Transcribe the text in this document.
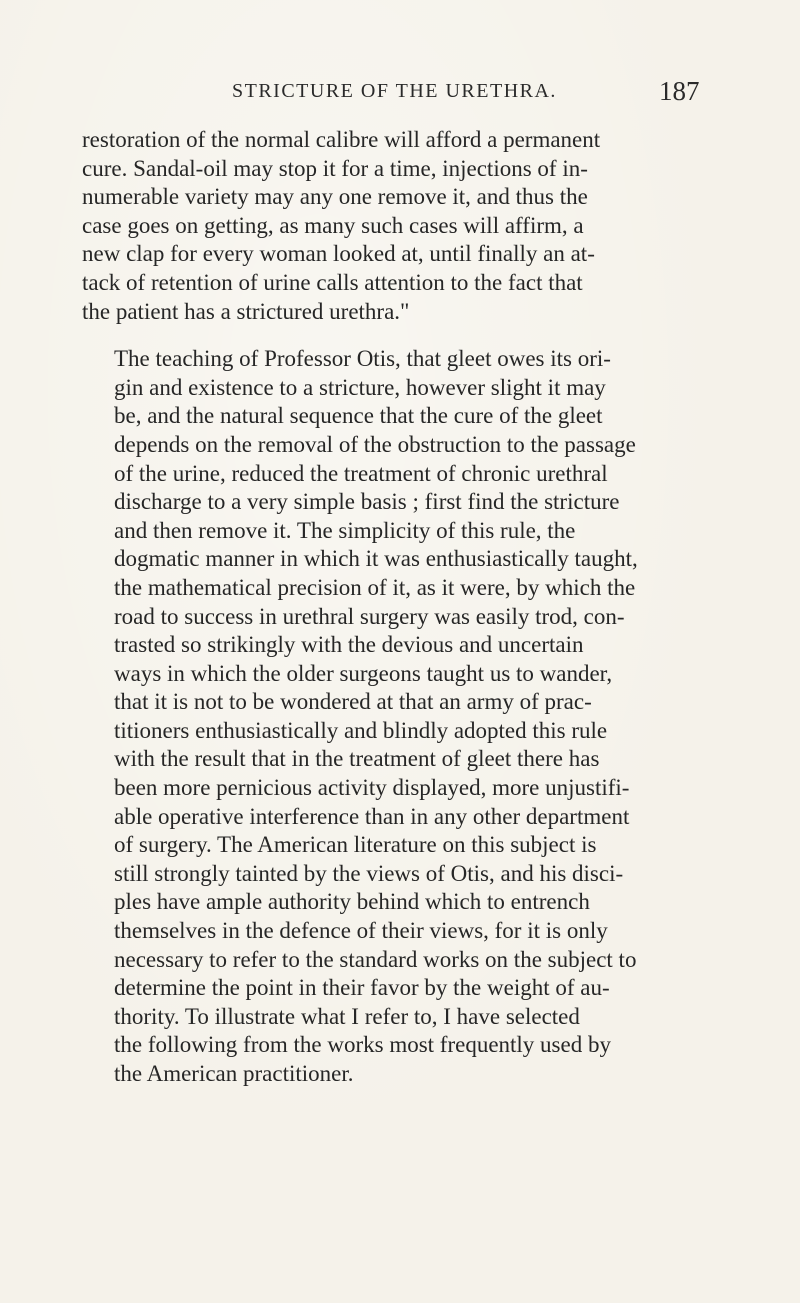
STRICTURE OF THE URETHRA.	187

restoration of the normal calibre will afford a permanent
cure. Sandal-oil may stop it for a time, injections of in-
numerable variety may any one remove it, and thus the
case goes on getting, as many such cases will affirm, a
new clap for every woman looked at, until finally an at-
tack of retention of urine calls attention to the fact that
the patient has a strictured urethra."

The teaching of Professor Otis, that gleet owes its ori-
gin and existence to a stricture, however slight it may
be, and the natural sequence that the cure of the gleet
depends on the removal of the obstruction to the passage
of the urine, reduced the treatment of chronic urethral
discharge to a very simple basis ; first find the stricture
and then remove it. The simplicity of this rule, the
dogmatic manner in which it was enthusiastically taught,
the mathematical precision of it, as it were, by which the
road to success in urethral surgery was easily trod, con-
trasted so strikingly with the devious and uncertain
ways in which the older surgeons taught us to wander,
that it is not to be wondered at that an army of prac-
titioners enthusiastically and blindly adopted this rule
with the result that in the treatment of gleet there has
been more pernicious activity displayed, more unjustifi-
able operative interference than in any other department
of surgery. The American literature on this subject is
still strongly tainted by the views of Otis, and his disci-
ples have ample authority behind which to entrench
themselves in the defence of their views, for it is only
necessary to refer to the standard works on the subject to
determine the point in their favor by the weight of au-
thority. To illustrate what I refer to, I have selected
the following from the works most frequently used by
the American practitioner.
